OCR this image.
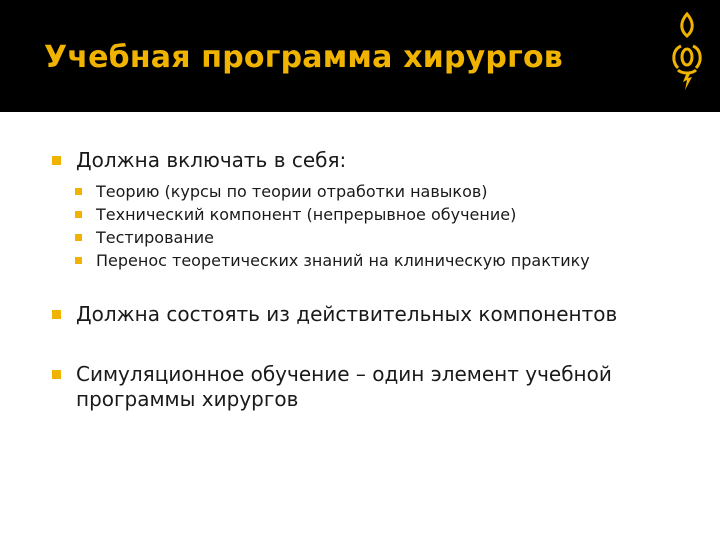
Учебная программа хирургов
Должна включать в себя:
Теорию (курсы по теории отработки навыков)
Технический компонент (непрерывное обучение)
Тестирование
Перенос теоретических знаний на клиническую практику
Должна состоять из действительных компонентов
Симуляционное обучение – один элемент учебной программы хирургов
